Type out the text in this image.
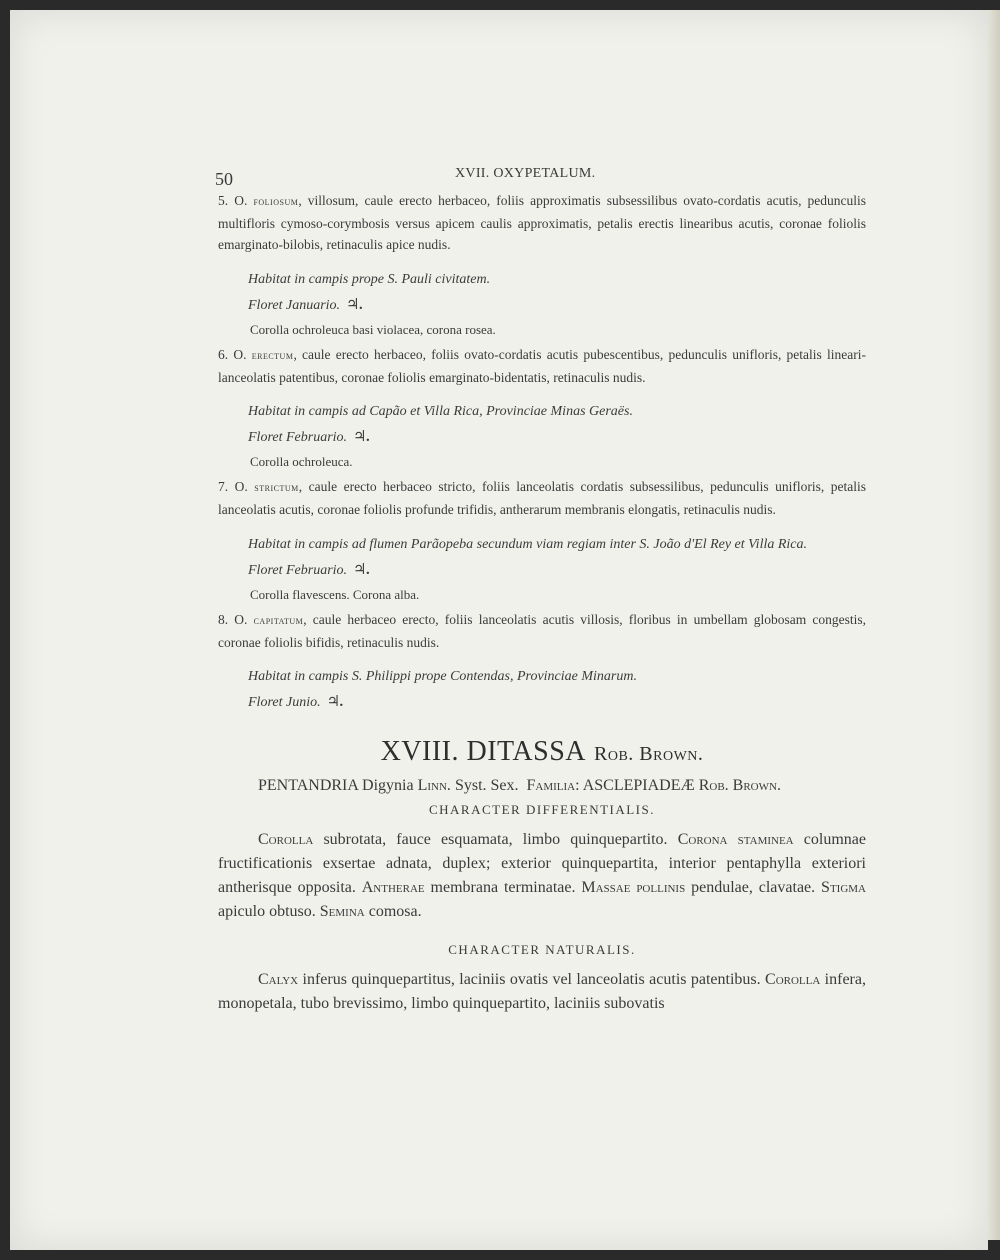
50	XVII. OXYPETALUM.

5. O. foliosum, villosum, caule erecto herbaceo, foliis approximatis subsessilibus ovato-cordatis acutis, pedunculis multifloris cymoso-corymbosis versus apicem caulis approximatis, petalis erectis linearibus acutis, coronae foliolis emarginato-bilobis, retinaculis apice nudis.

Habitat in campis prope S. Pauli civitatem.

Floret Januario. ♃.

Corolla ochroleuca basi violacea, corona rosea.

6. O. erectum, caule erecto herbaceo, foliis ovato-cordatis acutis pubescentibus, pedunculis unifloris, petalis lineari-lanceolatis patentibus, coronae foliolis emarginato-bidentatis, retinaculis nudis.

Habitat in campis ad Capão et Villa Rica, Provinciae Minas Geraës.

Floret Februario. ♃.

Corolla ochroleuca.

7. O. strictum, caule erecto herbaceo stricto, foliis lanceolatis cordatis subsessilibus, pedunculis unifloris, petalis lanceolatis acutis, coronae foliolis profunde trifidis, antherarum membranis elongatis, retinaculis nudis.

Habitat in campis ad flumen Parãopeba secundum viam regiam inter S. João d'El Rey et Villa Rica.

Floret Februario. ♃.

Corolla flavescens. Corona alba.

8. O. capitatum, caule herbaceo erecto, foliis lanceolatis acutis villosis, floribus in umbellam globosam congestis, coronae foliolis bifidis, retinaculis nudis.

Habitat in campis S. Philippi prope Contendas, Provinciae Minarum.

Floret Junio. ♃.

XVIII. DITASSA Rob. Brown.

PENTANDRIA Digynia Linn. Syst. Sex. Familia: ASCLEPIADEÆ Rob. Brown.

CHARACTER DIFFERENTIALIS.

Corolla subrotata, fauce esquamata, limbo quinquepartito. Corona staminea columnae fructificationis exsertae adnata, duplex; exterior quinquepartita, interior pentaphylla exteriori antherisque opposita. Antherae membrana terminatae. Massae pollinis pendulae, clavatae. Stigma apiculo obtuso. Semina comosa.

CHARACTER NATURALIS.

Calyx inferus quinquepartitus, laciniis ovatis vel lanceolatis acutis patentibus. Corolla infera, monopetala, tubo brevissimo, limbo quinquepartito, laciniis subovatis
